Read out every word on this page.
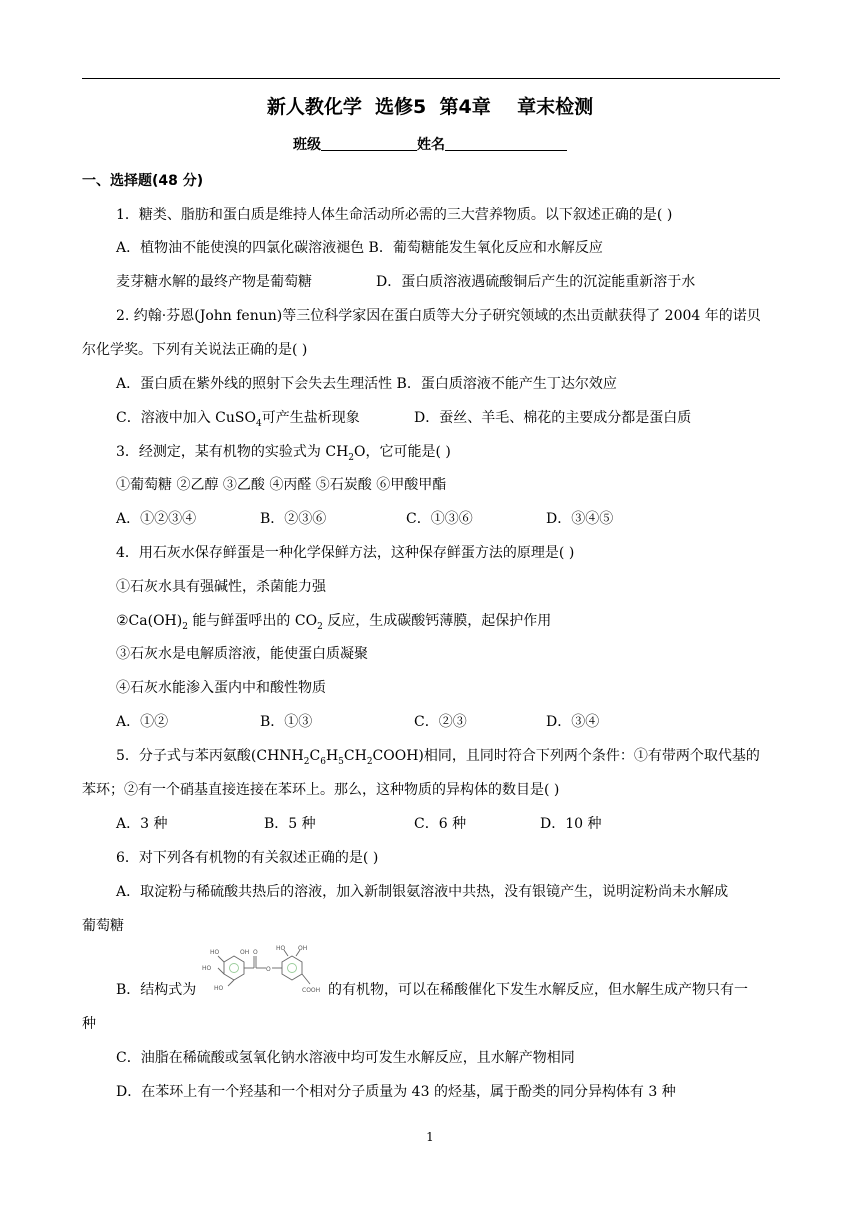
新人教化学  选修5  第4章    章末检测
班级	姓名
一、选择题(48 分)
1．糖类、脂肪和蛋白质是维持人体生命活动所必需的三大营养物质。以下叙述正确的是( )
A．植物油不能使溴的四氯化碳溶液褪色 B．葡萄糖能发生氧化反应和水解反应
麦芽糖水解的最终产物是葡萄糖	D．蛋白质溶液遇硫酸铜后产生的沉淀能重新溶于水
2. 约翰·芬恩(John fenun)等三位科学家因在蛋白质等大分子研究领域的杰出贡献获得了 2004 年的诺贝
尔化学奖。下列有关说法正确的是( )
A．蛋白质在紫外线的照射下会失去生理活性 B．蛋白质溶液不能产生丁达尔效应
C．溶液中加入 CuSO$_4$可产生盐析现象	D．蚕丝、羊毛、棉花的主要成分都是蛋白质
3．经测定，某有机物的实验式为 $CH_2O$，它可能是( )
①葡萄糖 ②乙醇 ③乙酸 ④丙醛 ⑤石炭酸 ⑥甲酸甲酯
A．①②③④	B．②③⑥	C．①③⑥	D．③④⑤
4．用石灰水保存鲜蛋是一种化学保鲜方法，这种保存鲜蛋方法的原理是( )
①石灰水具有强碱性，杀菌能力强
$②Ca(OH)_2$ 能与鲜蛋呼出的 $CO_2$ 反应，生成碳酸钙薄膜，起保护作用
③石灰水是电解质溶液，能使蛋白质凝聚
④石灰水能渗入蛋内中和酸性物质
A．①②	B．①③	C．②③	D．③④
5．分子式与苯丙氨酸$(CHNH_2C_6H_5CH_2COOH)$相同，且同时符合下列两个条件：①有带两个取代基的
苯环；②有一个硝基直接连接在苯环上。那么，这种物质的异构体的数目是( )
A．3 种	B．5 种	C．6 种	D．10 种
6．对下列各有机物的有关叙述正确的是( )
A．取淀粉与稀硫酸共热后的溶液，加入新制银氨溶液中共热，没有银镜产生，说明淀粉尚未水解成
葡萄糖
B．结构式为
HO	OH
HO
HO
O
O
HO OH
COOH 的有机物，可以在稀酸催化下发生水解反应，但水解生成产物只有一
种
C．油脂在稀硫酸或氢氧化钠水溶液中均可发生水解反应，且水解产物相同
D．在苯环上有一个羟基和一个相对分子质量为 43 的烃基，属于酚类的同分异构体有 3 种
1
